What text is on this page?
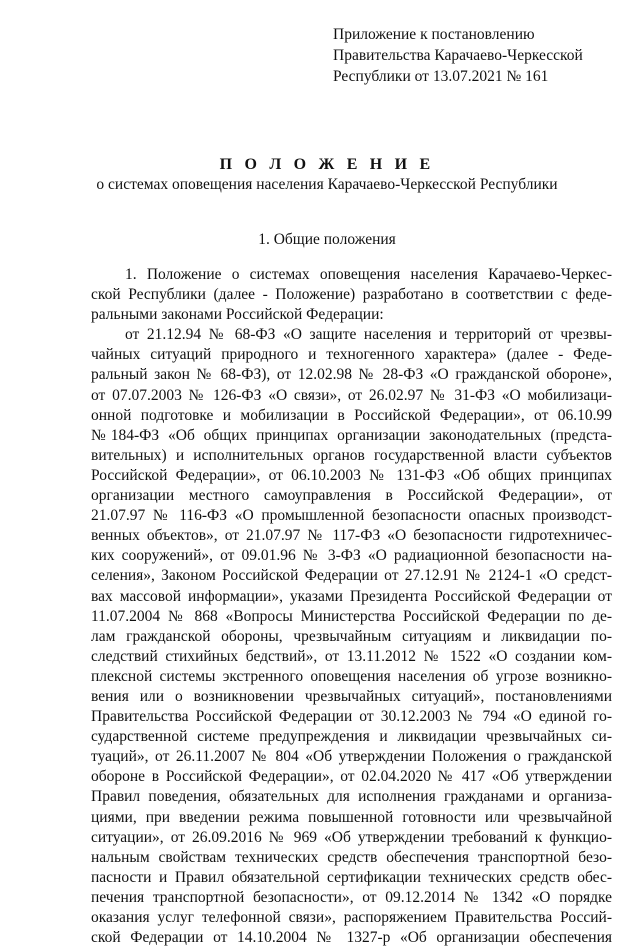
Приложение к постановлению
Правительства Карачаево-Черкесской
Республики от 13.07.2021 № 161
П О Л О Ж Е Н И Е
о системах оповещения населения Карачаево-Черкесской Республики
1. Общие положения
1. Положение о системах оповещения населения Карачаево-Черкес-
ской Республики (далее - Положение) разработано в соответствии с феде-
ральными законами Российской Федерации:
от 21.12.94 № 68-ФЗ «О защите населения и территорий от чрезвы-
чайных ситуаций природного и техногенного характера» (далее - Феде-
ральный закон № 68-ФЗ), от 12.02.98 № 28-ФЗ «О гражданской обороне»,
от 07.07.2003 № 126-ФЗ «О связи», от 26.02.97 № 31-ФЗ «О мобилизаци-
онной подготовке и мобилизации в Российской Федерации», от 06.10.99
№184-ФЗ «Об общих принципах организации законодательных (предста-
вительных) и исполнительных органов государственной власти субъектов
Российской Федерации», от 06.10.2003 № 131-ФЗ «Об общих принципах
организации местного самоуправления в Российской Федерации», от
21.07.97 № 116-ФЗ «О промышленной безопасности опасных производст-
венных объектов», от 21.07.97 № 117-ФЗ «О безопасности гидротехничес-
ких сооружений», от 09.01.96 № 3-ФЗ «О радиационной безопасности на-
селения», Законом Российской Федерации от 27.12.91 № 2124-1 «О средст-
вах массовой информации», указами Президента Российской Федерации от
11.07.2004 № 868 «Вопросы Министерства Российской Федерации по де-
лам гражданской обороны, чрезвычайным ситуациям и ликвидации по-
следствий стихийных бедствий», от 13.11.2012 № 1522 «О создании ком-
плексной системы экстренного оповещения населения об угрозе возникно-
вения или о возникновении чрезвычайных ситуаций», постановлениями
Правительства Российской Федерации от 30.12.2003 № 794 «О единой го-
сударственной системе предупреждения и ликвидации чрезвычайных си-
туаций», от 26.11.2007 № 804 «Об утверждении Положения о гражданской
обороне в Российской Федерации», от 02.04.2020 № 417 «Об утверждении
Правил поведения, обязательных для исполнения гражданами и организа-
циями, при введении режима повышенной готовности или чрезвычайной
ситуации», от 26.09.2016 № 969 «Об утверждении требований к функцио-
нальным свойствам технических средств обеспечения транспортной безо-
пасности и Правил обязательной сертификации технических средств обес-
печения транспортной безопасности», от 09.12.2014 № 1342 «О порядке
оказания услуг телефонной связи», распоряжением Правительства Россий-
ской Федерации от 14.10.2004 № 1327-р «Об организации обеспечения
